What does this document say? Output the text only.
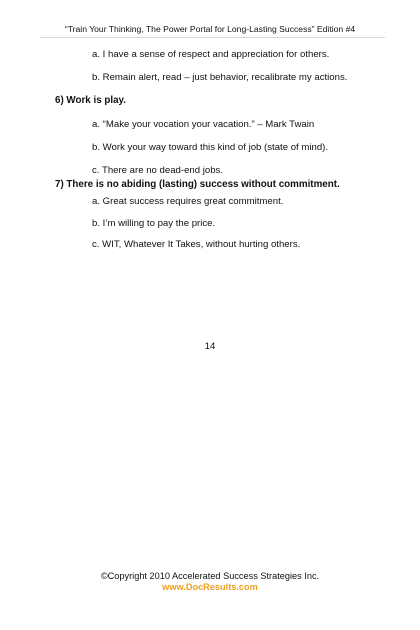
“Train Your Thinking, The Power Portal for Long-Lasting Success” Edition #4
a. I have a sense of respect and appreciation for others.
b. Remain alert, read – just behavior, recalibrate my actions.
6) Work is play.
a. “Make your vocation your vacation.” – Mark Twain
b. Work your way toward this kind of job (state of mind).
c. There are no dead-end jobs.
7) There is no abiding (lasting) success without commitment.
a. Great success requires great commitment.
b. I’m willing to pay the price.
c. WIT, Whatever It Takes, without hurting others.
14
©Copyright 2010 Accelerated Success Strategies Inc.
www.DocResults.com
